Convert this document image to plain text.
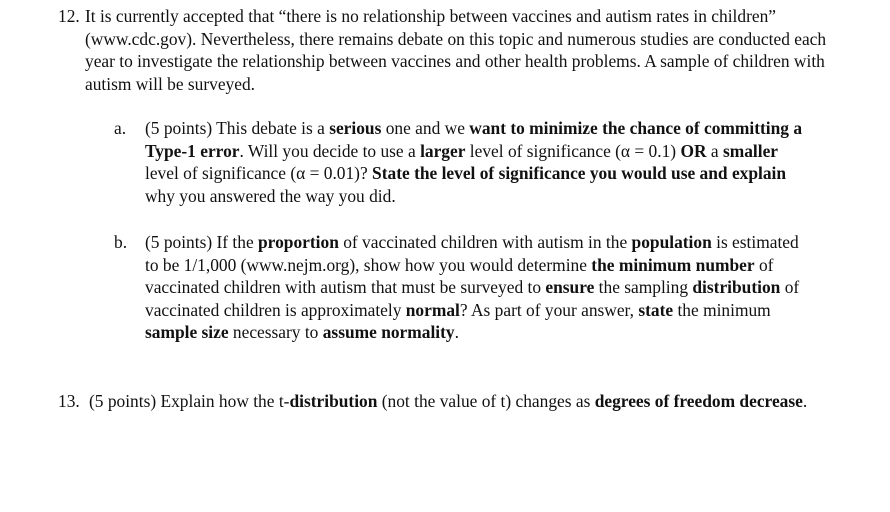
12. It is currently accepted that “there is no relationship between vaccines and autism rates in children” (www.cdc.gov). Nevertheless, there remains debate on this topic and numerous studies are conducted each year to investigate the relationship between vaccines and other health problems. A sample of children with autism will be surveyed.
a.	(5 points) This debate is a serious one and we want to minimize the chance of committing a Type-1 error. Will you decide to use a larger level of significance (α = 0.1) OR a smaller level of significance (α = 0.01)? State the level of significance you would use and explain why you answered the way you did.
b.	(5 points) If the proportion of vaccinated children with autism in the population is estimated to be 1/1,000 (www.nejm.org), show how you would determine the minimum number of vaccinated children with autism that must be surveyed to ensure the sampling distribution of vaccinated children is approximately normal? As part of your answer, state the minimum sample size necessary to assume normality.
13. (5 points) Explain how the t-distribution (not the value of t) changes as degrees of freedom decrease.
